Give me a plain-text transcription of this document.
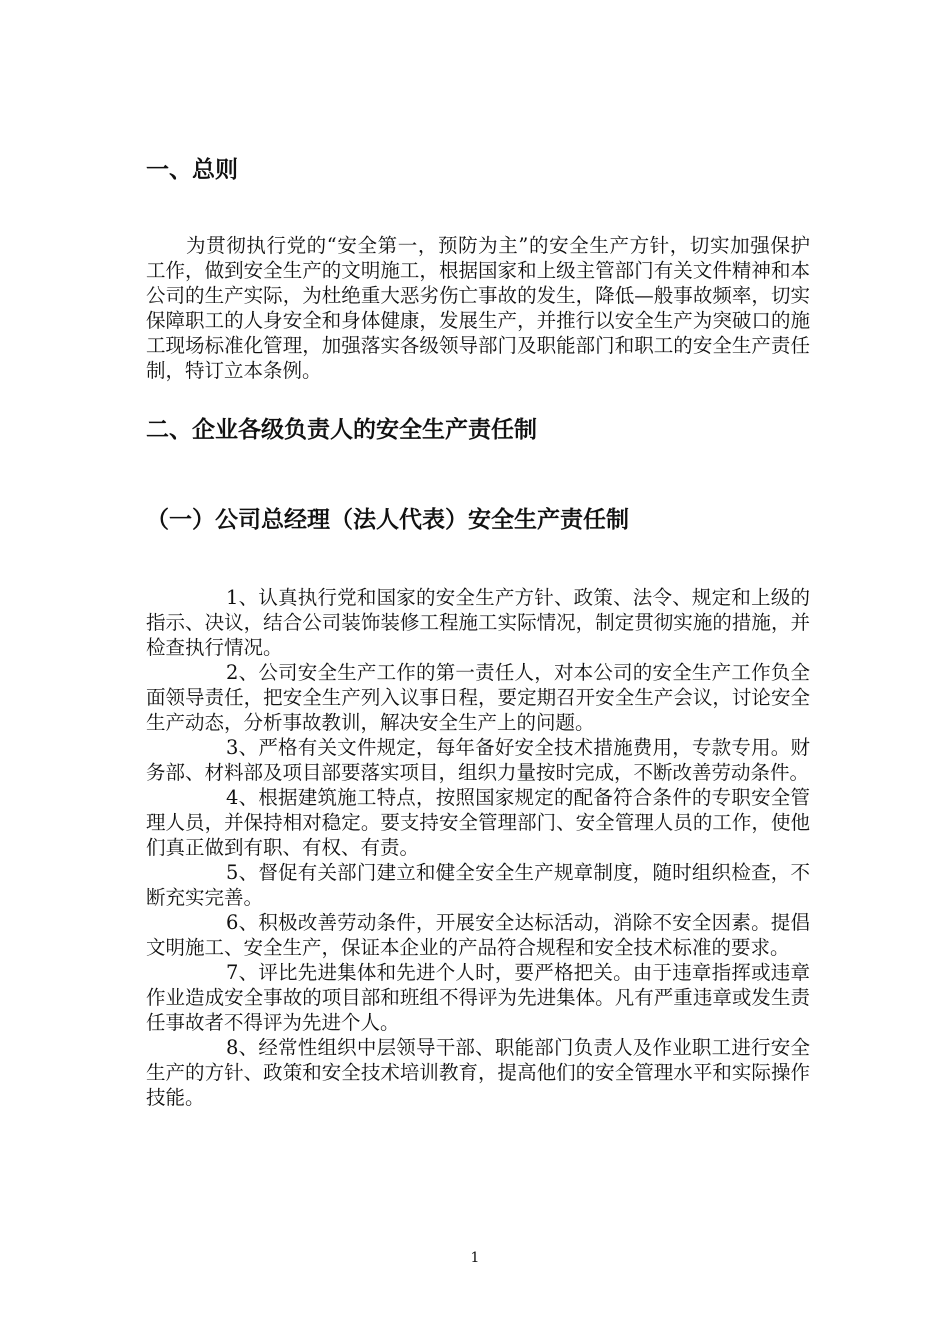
一、总则
为贯彻执行党的“安全第一，预防为主”的安全生产方针，切实加强保护工作，做到安全生产的文明施工，根据国家和上级主管部门有关文件精神和本公司的生产实际，为杜绝重大恶劣伤亡事故的发生，降低—般事故频率，切实保障职工的人身安全和身体健康，发展生产，并推行以安全生产为突破口的施工现场标准化管理，加强落实各级领导部门及职能部门和职工的安全生产责任制，特订立本条例。
二、企业各级负责人的安全生产责任制
（一）公司总经理（法人代表）安全生产责任制

1、认真执行党和国家的安全生产方针、政策、法令、规定和上级的指示、决议，结合公司装饰装修工程施工实际情况，制定贯彻实施的措施，并检查执行情况。

2、公司安全生产工作的第一责任人，对本公司的安全生产工作负全面领导责任，把安全生产列入议事日程，要定期召开安全生产会议，讨论安全生产动态，分析事故教训，解决安全生产上的问题。

3、严格有关文件规定，每年备好安全技术措施费用，专款专用。财务部、材料部及项目部要落实项目，组织力量按时完成，不断改善劳动条件。

4、根据建筑施工特点，按照国家规定的配备符合条件的专职安全管理人员，并保持相对稳定。要支持安全管理部门、安全管理人员的工作，使他们真正做到有职、有权、有责。

5、督促有关部门建立和健全安全生产规章制度，随时组织检查，不断充实完善。

6、积极改善劳动条件，开展安全达标活动，消除不安全因素。提倡文明施工、安全生产，保证本企业的产品符合规程和安全技术标准的要求。

7、评比先进集体和先进个人时，要严格把关。由于违章指挥或违章作业造成安全事故的项目部和班组不得评为先进集体。凡有严重违章或发生责任事故者不得评为先进个人。

8、经常性组织中层领导干部、职能部门负责人及作业职工进行安全生产的方针、政策和安全技术培训教育，提高他们的安全管理水平和实际操作技能。

1
